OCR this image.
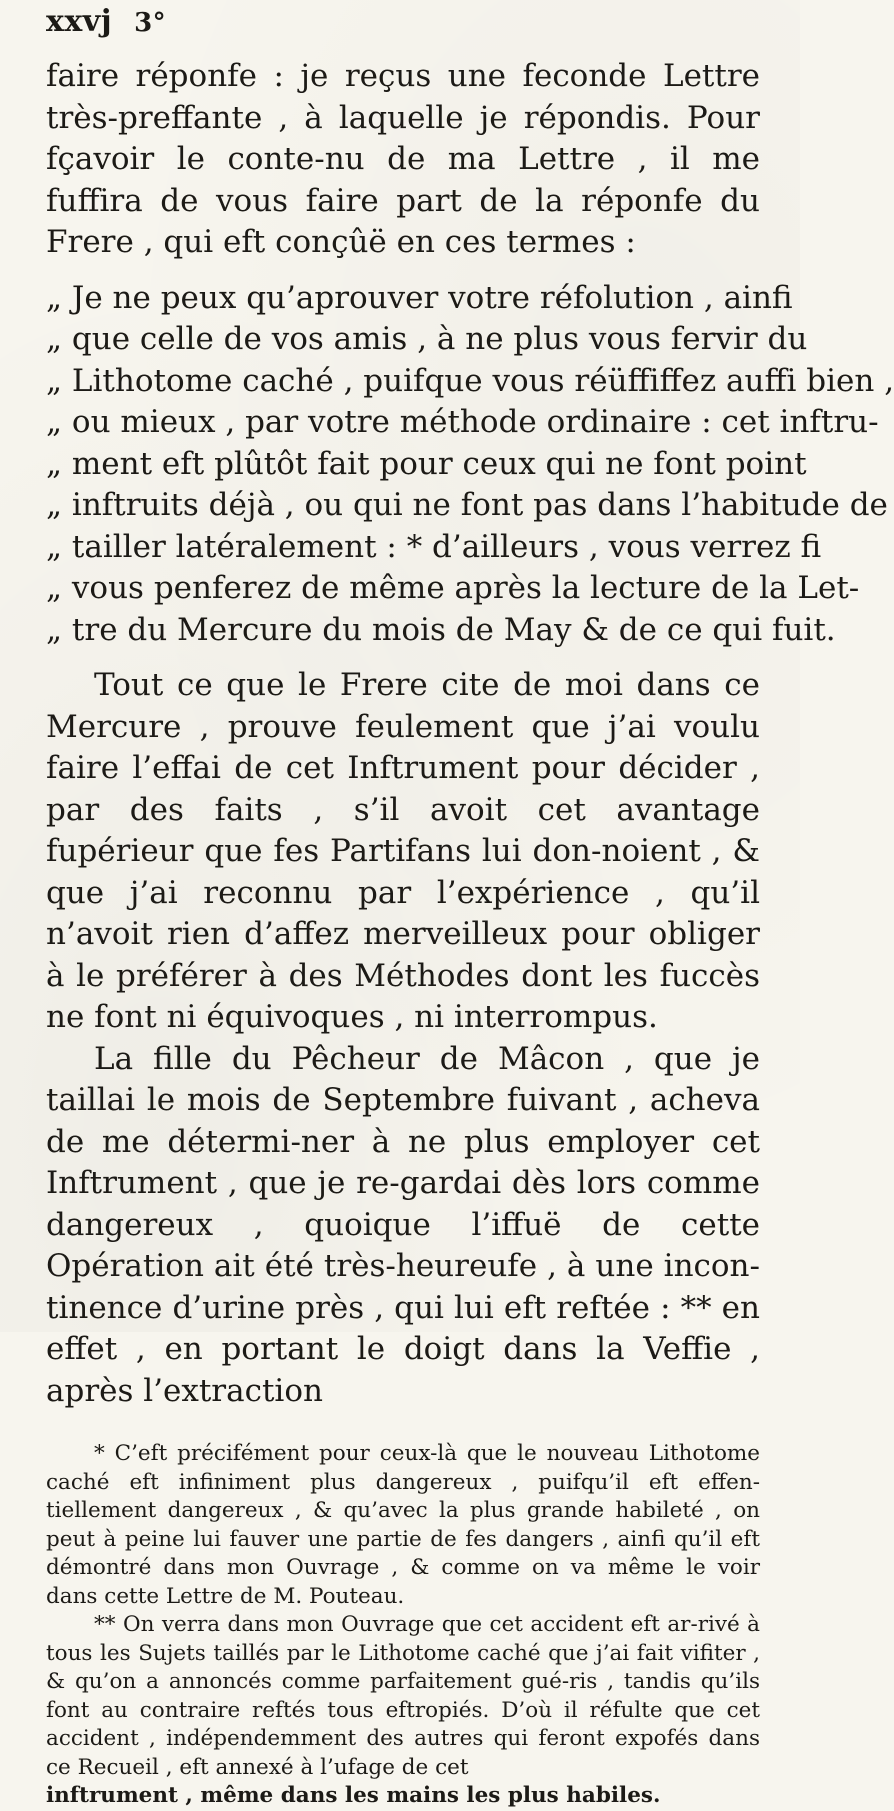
xxvj 3°

faire réponfe : je reçus une feconde Lettre très-preffante , à laquelle je répondis. Pour fçavoir le conte-nu de ma Lettre , il me fuffira de vous faire part de la réponfe du Frere , qui eft conçûë en ces termes :

„ Je ne peux qu’aprouver votre réfolution , ainfi
„ que celle de vos amis , à ne plus vous fervir du
„ Lithotome caché , puifque vous réüffiffez auffi bien ,
„ ou mieux , par votre méthode ordinaire : cet inftru-
„ ment eft plûtôt fait pour ceux qui ne font point
„ inftruits déjà , ou qui ne font pas dans l’habitude de
„ tailler latéralement : * d’ailleurs , vous verrez fi
„ vous penferez de même après la lecture de la Let-
„ tre du Mercure du mois de May & de ce qui fuit.

Tout ce que le Frere cite de moi dans ce Mercure , prouve feulement que j’ai voulu faire l’effai de cet Inftrument pour décider , par des faits , s’il avoit cet avantage fupérieur que fes Partifans lui don-noient , & que j’ai reconnu par l’expérience , qu’il n’avoit rien d’affez merveilleux pour obliger à le préférer à des Méthodes dont les fuccès ne font ni équivoques , ni interrompus.

La fille du Pêcheur de Mâcon , que je taillai le mois de Septembre fuivant , acheva de me détermi-ner à ne plus employer cet Inftrument , que je re-gardai dès lors comme dangereux , quoique l’iffuë de cette Opération ait été très-heureufe , à une incon-tinence d’urine près , qui lui eft reftée : ** en effet , en portant le doigt dans la Veffie , après l’extraction

* C’eft précifément pour ceux-là que le nouveau Lithotome caché eft infiniment plus dangereux , puifqu’il eft effen-tiellement dangereux , & qu’avec la plus grande habileté , on peut à peine lui fauver une partie de fes dangers , ainfi qu’il eft démontré dans mon Ouvrage , & comme on va même le voir dans cette Lettre de M. Pouteau.

** On verra dans mon Ouvrage que cet accident eft ar-rivé à tous les Sujets taillés par le Lithotome caché que j’ai fait vifiter , & qu’on a annoncés comme parfaitement gué-ris , tandis qu’ils font au contraire reftés tous eftropiés. D’où il réfulte que cet accident , indépendemment des autres qui feront expofés dans ce Recueil , eft annexé à l’ufage de cet

inftrument , même dans les mains les plus habiles.
